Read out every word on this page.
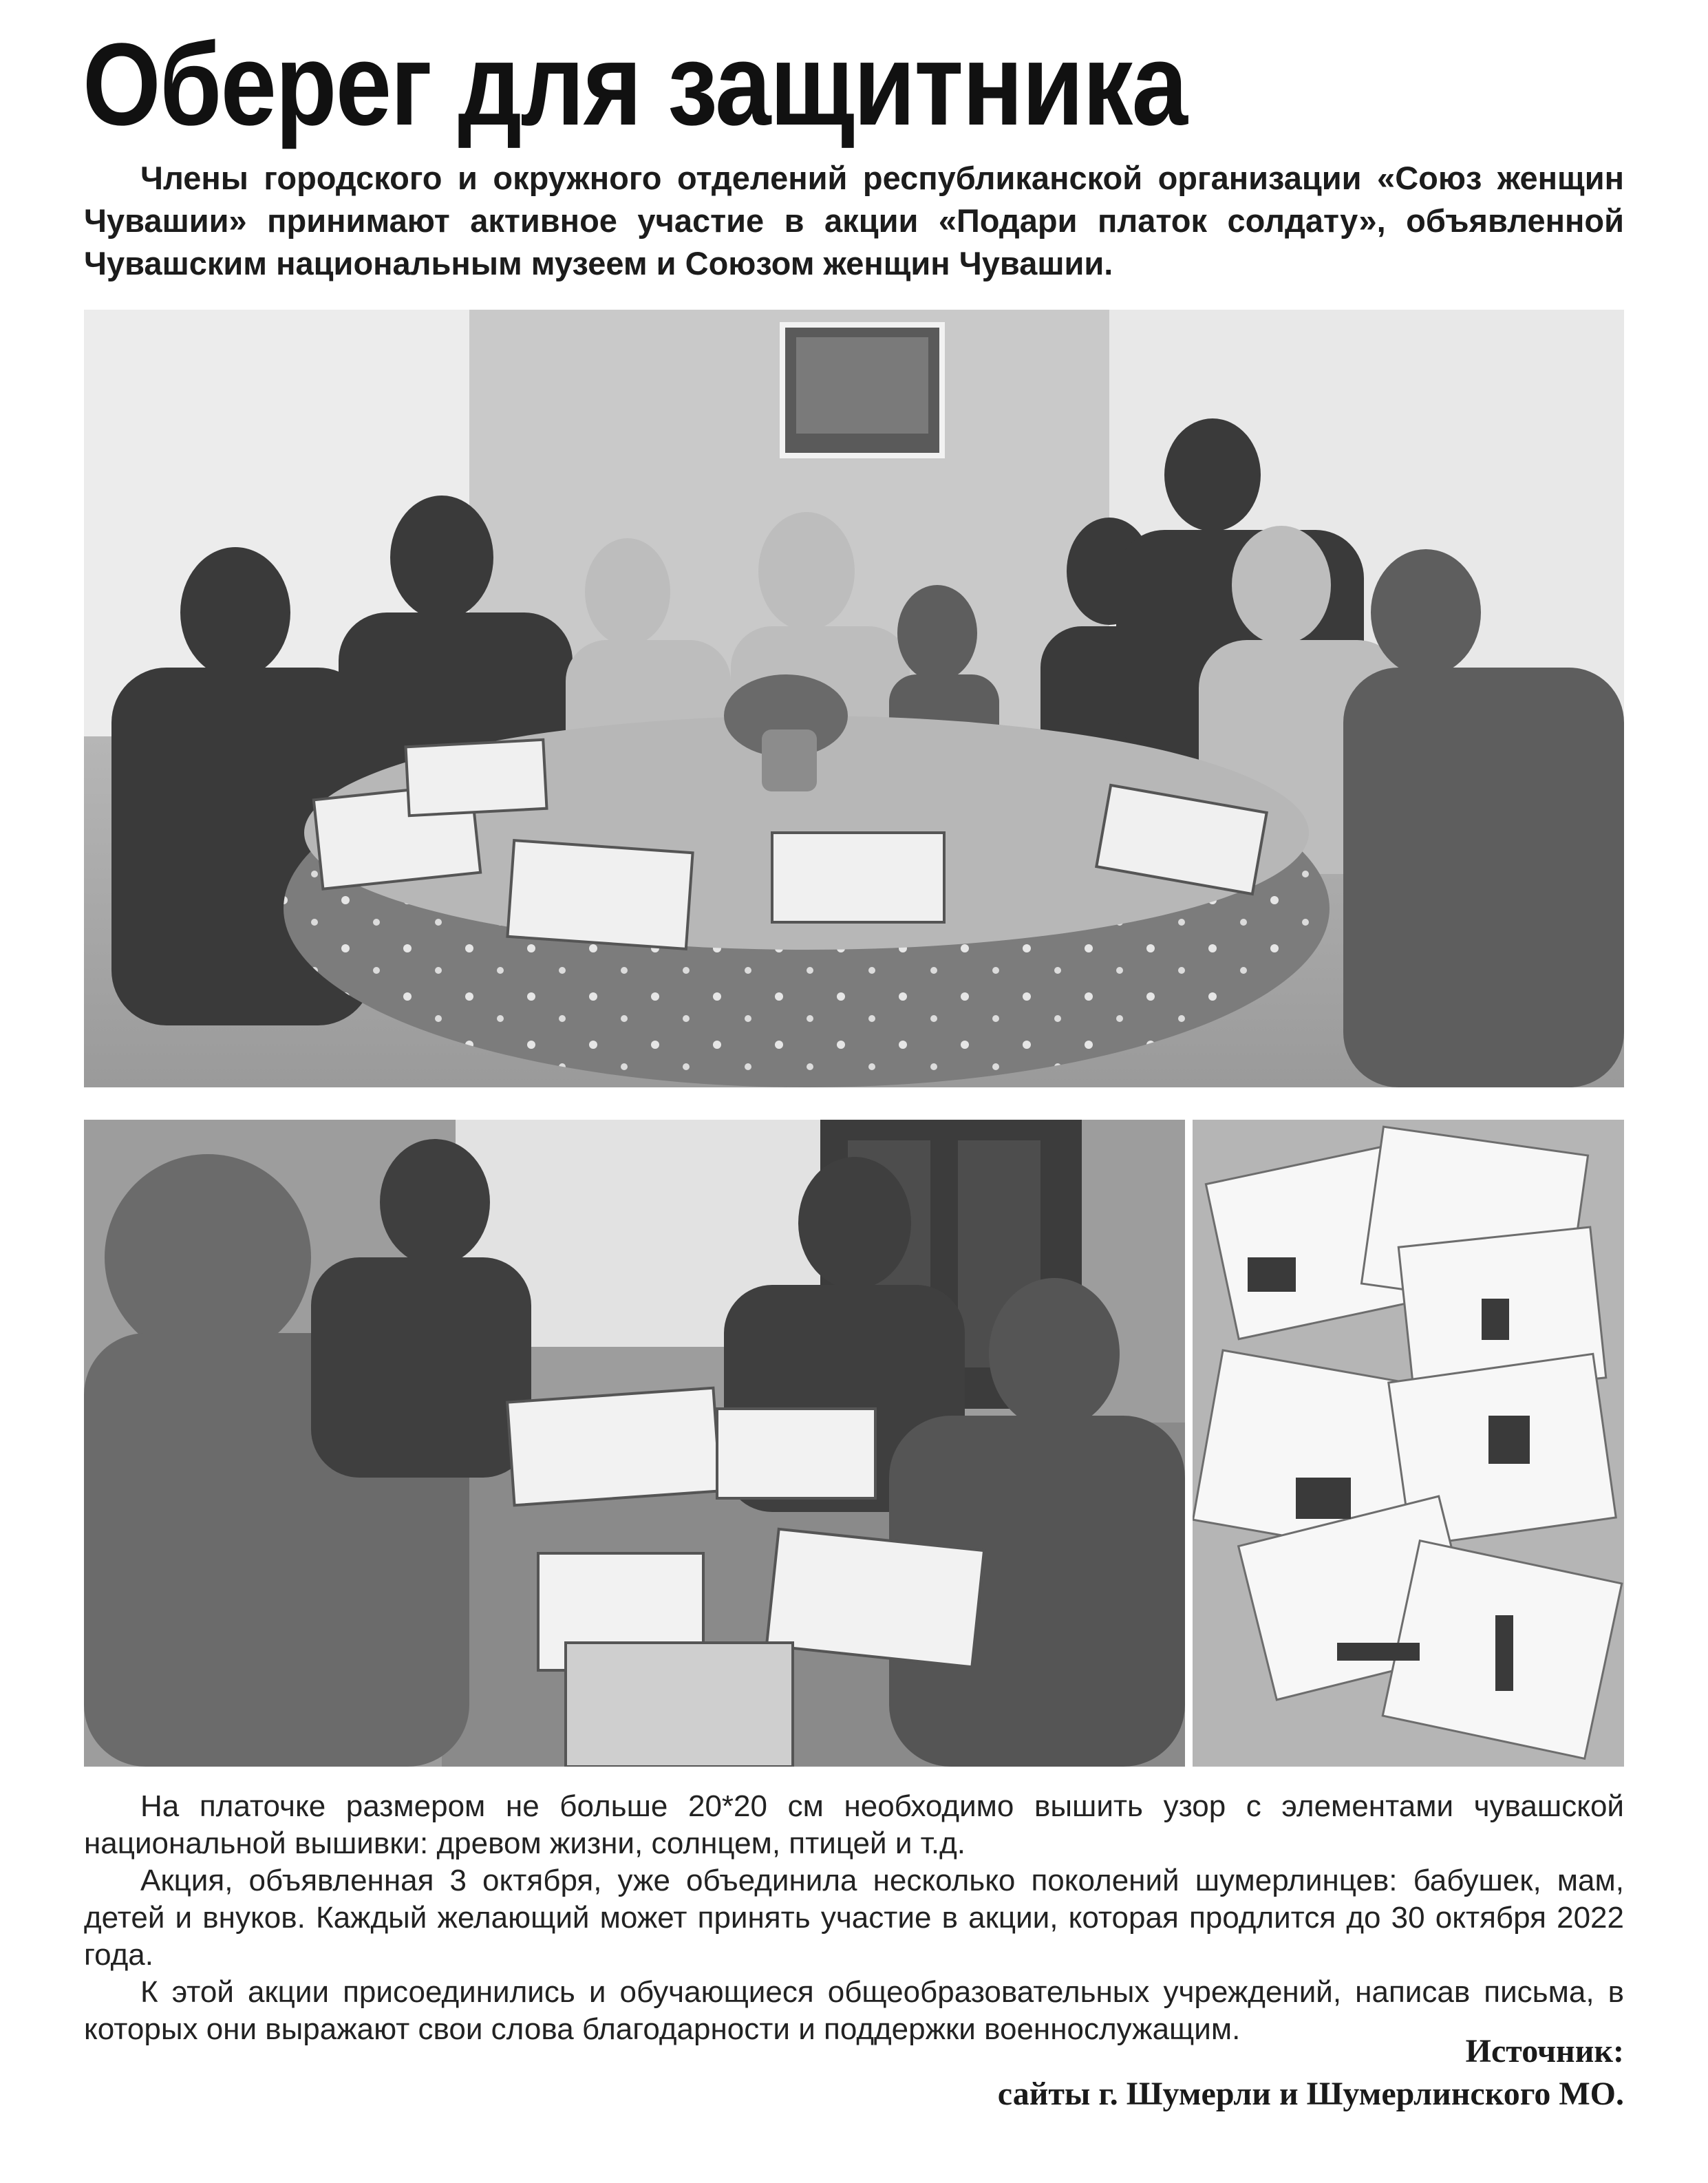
Оберег для защитника

Члены городского и окружного отделений республиканской организации «Союз женщин Чувашии» принимают активное участие в акции «Подари платок солдату», объявленной Чувашским национальным музеем и Союзом женщин Чувашии.

На платочке размером не больше 20*20 см необходимо вышить узор с элементами чувашской национальной вышивки: древом жизни, солнцем, птицей и т.д.

Акция, объявленная 3 октября, уже объединила несколько поколений шумерлинцев: бабушек, мам, детей и внуков. Каждый желающий может принять участие в акции, которая продлится до 30 октября 2022 года.

К этой акции присоединились и обучающиеся общеобразовательных учреждений, написав письма, в которых они выражают свои слова благодарности и поддержки военнослужащим.

Источник:
сайты г. Шумерли и Шумерлинского МО.
